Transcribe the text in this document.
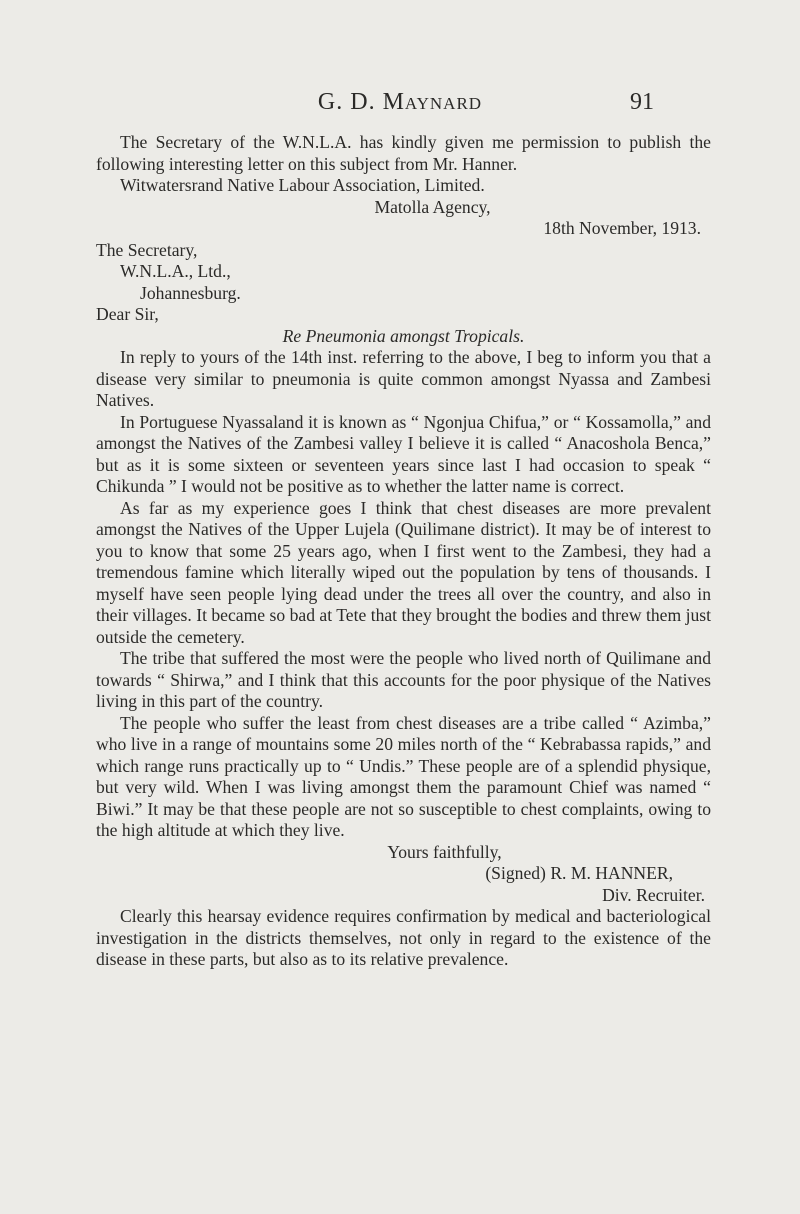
G. D. Maynard	91

The Secretary of the W.N.L.A. has kindly given me permission to publish the following interesting letter on this subject from Mr. Hanner.

Witwatersrand Native Labour Association, Limited.

Matolla Agency,

18th November, 1913.

The Secretary,

W.N.L.A., Ltd.,

Johannesburg.

Dear Sir,

Re Pneumonia amongst Tropicals.

In reply to yours of the 14th inst. referring to the above, I beg to inform you that a disease very similar to pneumonia is quite common amongst Nyassa and Zambesi Natives.

In Portuguese Nyassaland it is known as “ Ngonjua Chifua,” or “ Kossamolla,” and amongst the Natives of the Zambesi valley I believe it is called “ Anacoshola Benca,” but as it is some sixteen or seventeen years since last I had occasion to speak “ Chikunda ” I would not be positive as to whether the latter name is correct.

As far as my experience goes I think that chest diseases are more prevalent amongst the Natives of the Upper Lujela (Quilimane district). It may be of interest to you to know that some 25 years ago, when I first went to the Zambesi, they had a tremendous famine which literally wiped out the population by tens of thousands. I myself have seen people lying dead under the trees all over the country, and also in their villages. It became so bad at Tete that they brought the bodies and threw them just outside the cemetery.

The tribe that suffered the most were the people who lived north of Quilimane and towards “ Shirwa,” and I think that this accounts for the poor physique of the Natives living in this part of the country.

The people who suffer the least from chest diseases are a tribe called “ Azimba,” who live in a range of mountains some 20 miles north of the “ Kebrabassa rapids,” and which range runs practically up to “ Undis.” These people are of a splendid physique, but very wild. When I was living amongst them the paramount Chief was named “ Biwi.” It may be that these people are not so susceptible to chest complaints, owing to the high altitude at which they live.

Yours faithfully,

(Signed) R. M. HANNER,

Div. Recruiter.

Clearly this hearsay evidence requires confirmation by medical and bacteriological investigation in the districts themselves, not only in regard to the existence of the disease in these parts, but also as to its relative prevalence.
